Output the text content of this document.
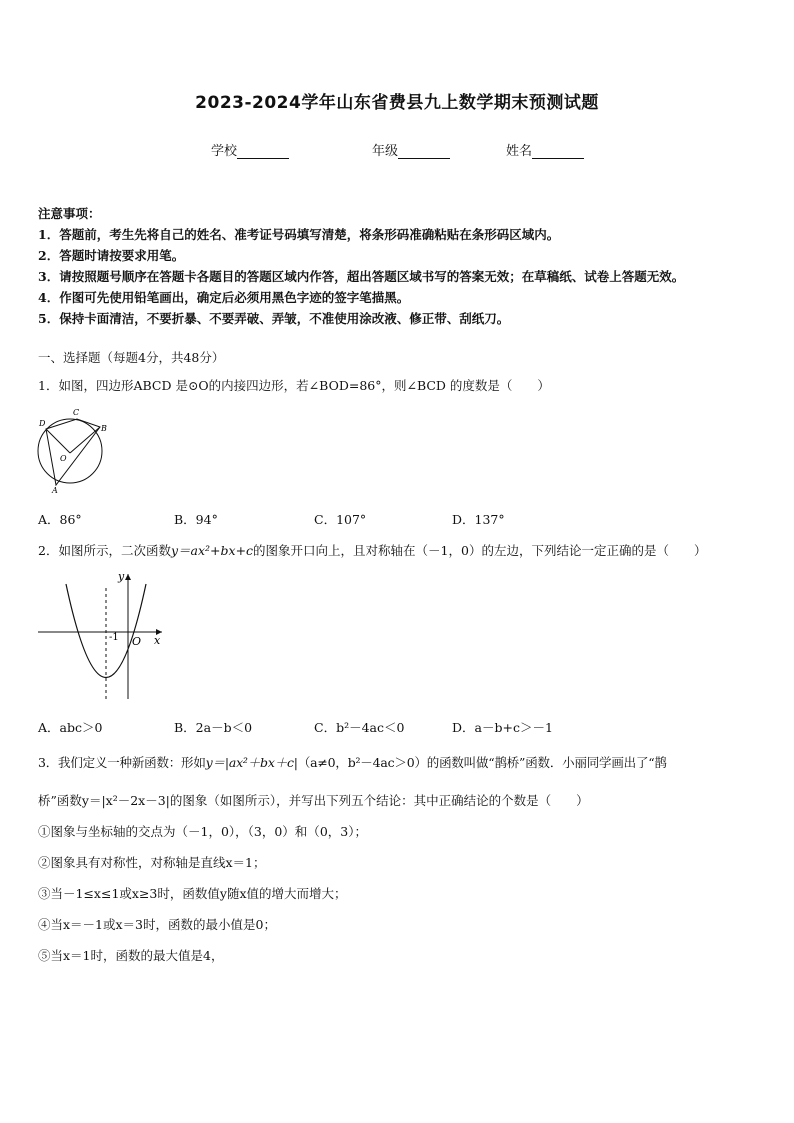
2023-2024学年山东省费县九上数学期末预测试题
学校	年级	姓名
注意事项：
1．答题前，考生先将自己的姓名、准考证号码填写清楚，将条形码准确粘贴在条形码区域内。
2．答题时请按要求用笔。
3．请按照题号顺序在答题卡各题目的答题区域内作答，超出答题区域书写的答案无效；在草稿纸、试卷上答题无效。
4．作图可先使用铅笔画出，确定后必须用黑色字迹的签字笔描黑。
5．保持卡面清洁，不要折暴、不要弄破、弄皱，不准使用涂改液、修正带、刮纸刀。
一、选择题（每题4分，共48分）
1．如图，四边形ABCD 是⊙O的内接四边形，若∠BOD=86°，则∠BCD 的度数是（　　）
D
C
B
O
A
A．86°	B．94°	C．107°	D．137°
2．如图所示，二次函数y＝ax²+bx+c的图象开口向上，且对称轴在（－1，0）的左边，下列结论一定正确的是（　　）
y
x
O
-1
A．abc＞0	B．2a－b＜0	C．b²－4ac＜0	D．a－b+c＞－1
3．我们定义一种新函数：形如y＝|ax²＋bx＋c|（a≠0，b²－4ac＞0）的函数叫做“鹊桥”函数．小丽同学画出了“鹊
桥”函数y＝|x²－2x－3|的图象（如图所示），并写出下列五个结论：其中正确结论的个数是（　　）
①图象与坐标轴的交点为（－1，0），（3，0）和（0，3）；
②图象具有对称性，对称轴是直线x＝1；
③当－1≤x≤1或x≥3时，函数值y随x值的增大而增大；
④当x＝－1或x＝3时，函数的最小值是0；
⑤当x＝1时，函数的最大值是4，
